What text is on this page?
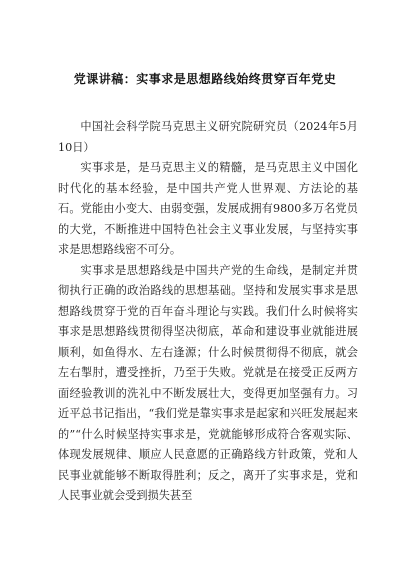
党课讲稿：实事求是思想路线始终贯穿百年党史

中国社会科学院马克思主义研究院研究员（2024年5月10日）

实事求是，是马克思主义的精髓，是马克思主义中国化时代化的基本经验，是中国共产党人世界观、方法论的基石。党能由小变大、由弱变强，发展成拥有9800多万名党员的大党，不断推进中国特色社会主义事业发展，与坚持实事求是思想路线密不可分。

实事求是思想路线是中国共产党的生命线，是制定并贯彻执行正确的政治路线的思想基础。坚持和发展实事求是思想路线贯穿于党的百年奋斗理论与实践。我们什么时候将实事求是思想路线贯彻得坚决彻底，革命和建设事业就能进展顺利，如鱼得水、左右逢源；什么时候贯彻得不彻底，就会左右掣肘，遭受挫折，乃至于失败。党就是在接受正反两方面经验教训的洗礼中不断发展壮大，变得更加坚强有力。习近平总书记指出，“我们党是靠实事求是起家和兴旺发展起来的”“什么时候坚持实事求是，党就能够形成符合客观实际、体现发展规律、顺应人民意愿的正确路线方针政策，党和人民事业就能够不断取得胜利；反之，离开了实事求是，党和人民事业就会受到损失甚至
